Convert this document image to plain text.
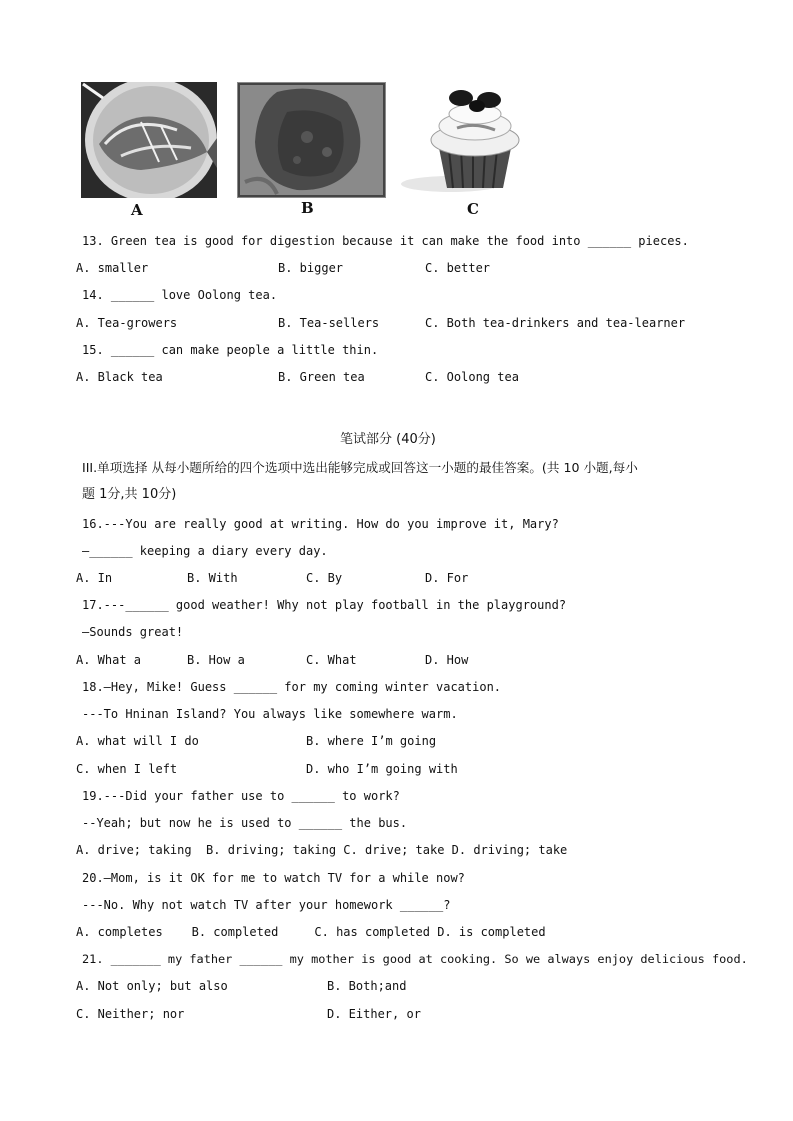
A	B	C
13. Green tea is good for digestion because it can make the food into ______ pieces.
A. smaller	B. bigger	C. better
14. ______ love Oolong tea.
A. Tea-growers	B. Tea-sellers	C. Both tea-drinkers and tea-learner
15. ______ can make people a little thin.
A. Black tea	B. Green tea	C. Oolong tea
笔试部分 (40分)
III.单项选择 从每小题所给的四个选项中选出能够完成或回答这一小题的最佳答案。(共 10 小题,每小
题 1分,共 10分)
16.---You are really good at writing. How do you improve it, Mary?
—______ keeping a diary every day.
A. In	B. With	C. By	D. For
17.---______ good weather! Why not play football in the playground?
—Sounds great!
A. What a	B. How a	C. What	D. How
18.—Hey, Mike! Guess ______ for my coming winter vacation.
---To Hninan Island? You always like somewhere warm.
A. what will I do	B. where I’m going
C. when I left	D. who I’m going with
19.---Did your father use to ______ to work?
--Yeah; but now he is used to ______ the bus.
A. drive; taking  B. driving; taking C. drive; take D. driving; take
20.—Mom, is it OK for me to watch TV for a while now?
---No. Why not watch TV after your homework ______?
A. completes    B. completed     C. has completed D. is completed
21. _______ my father ______ my mother is good at cooking. So we always enjoy delicious food.
A. Not only; but also	B. Both;and
C. Neither; nor	D. Either, or
